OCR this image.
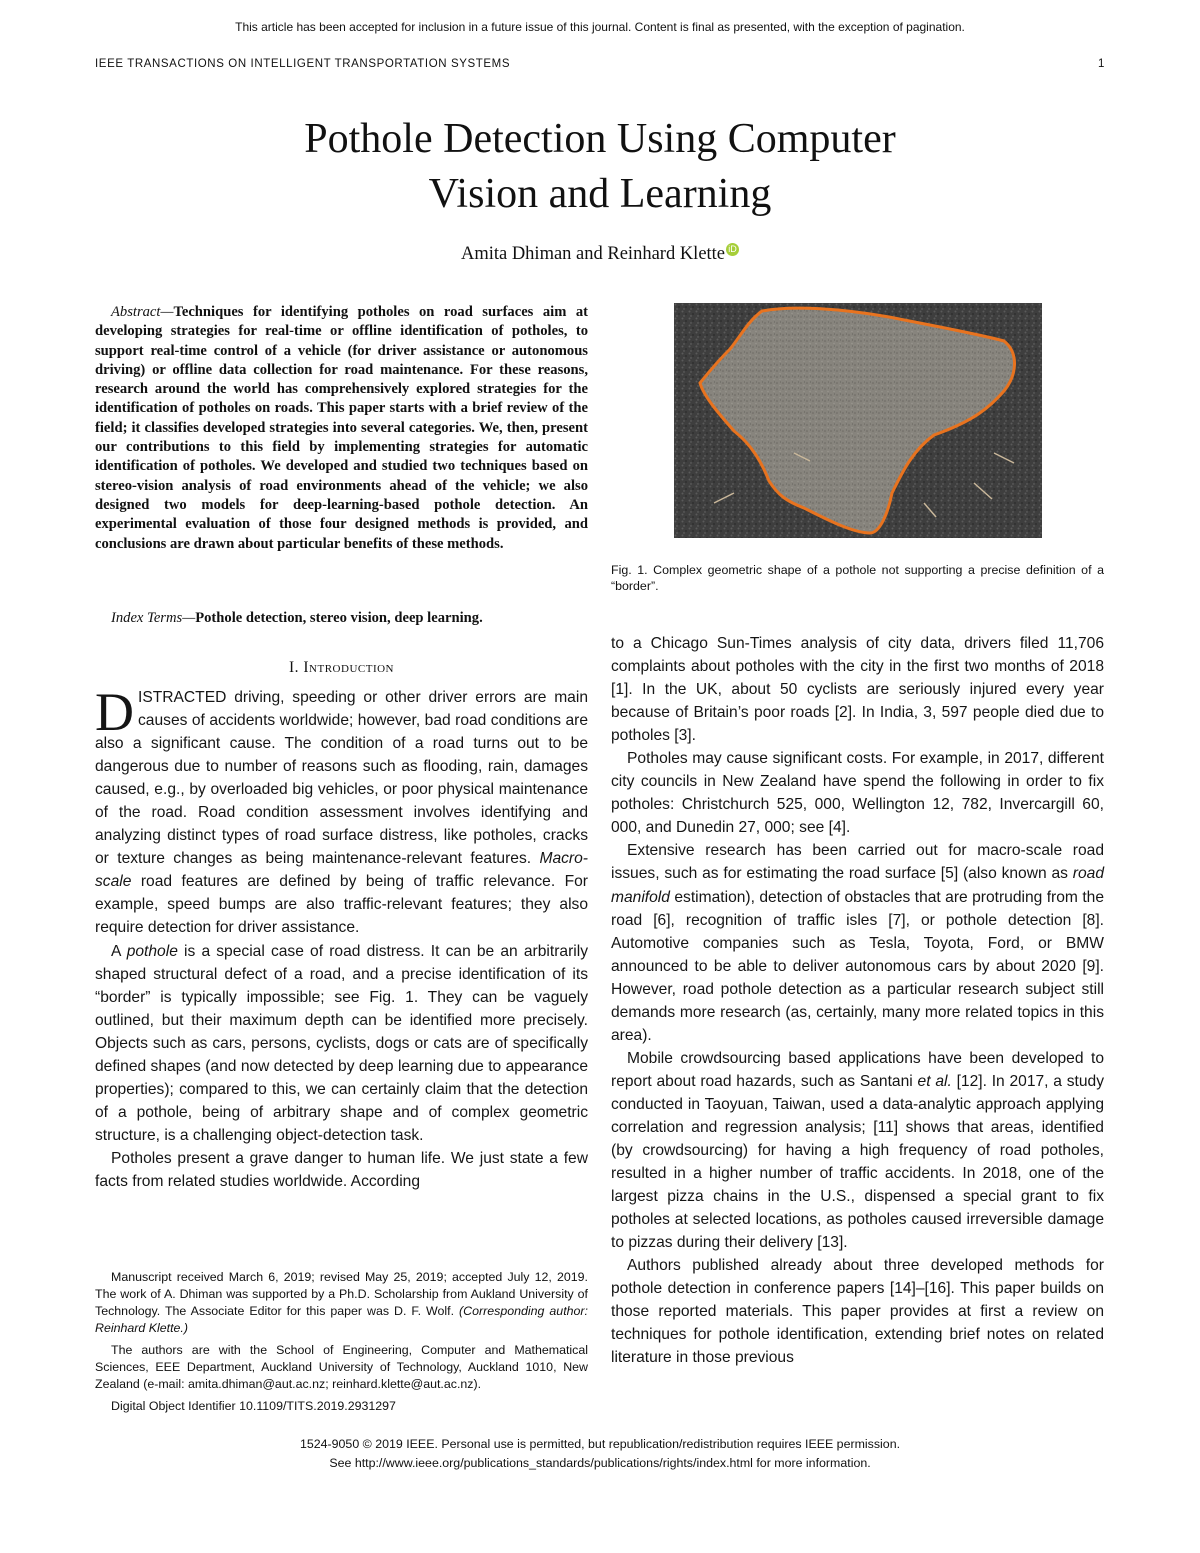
This article has been accepted for inclusion in a future issue of this journal. Content is final as presented, with the exception of pagination.
IEEE TRANSACTIONS ON INTELLIGENT TRANSPORTATION SYSTEMS	1
Pothole Detection Using Computer
Vision and Learning
Amita Dhiman and Reinhard Klette iD

Abstract—Techniques for identifying potholes on road surfaces aim at developing strategies for real-time or offline identification of potholes, to support real-time control of a vehicle (for driver assistance or autonomous driving) or offline data collection for road maintenance. For these reasons, research around the world has comprehensively explored strategies for the identification of potholes on roads. This paper starts with a brief review of the field; it classifies developed strategies into several categories. We, then, present our contributions to this field by implementing strategies for automatic identification of potholes. We developed and studied two techniques based on stereo-vision analysis of road environments ahead of the vehicle; we also designed two models for deep-learning-based pothole detection. An experimental evaluation of those four designed methods is provided, and conclusions are drawn about particular benefits of these methods.

Index Terms—Pothole detection, stereo vision, deep learning.

I. Introduction

DISTRACTED driving, speeding or other driver errors are main causes of accidents worldwide; however, bad road conditions are also a significant cause. The condition of a road turns out to be dangerous due to number of reasons such as flooding, rain, damages caused, e.g., by overloaded big vehicles, or poor physical maintenance of the road. Road condition assessment involves identifying and analyzing distinct types of road surface distress, like potholes, cracks or texture changes as being maintenance-relevant features. Macro-scale road features are defined by being of traffic relevance. For example, speed bumps are also traffic-relevant features; they also require detection for driver assistance.

A pothole is a special case of road distress. It can be an arbitrarily shaped structural defect of a road, and a precise identification of its “border” is typically impossible; see Fig. 1. They can be vaguely outlined, but their maximum depth can be identified more precisely. Objects such as cars, persons, cyclists, dogs or cats are of specifically defined shapes (and now detected by deep learning due to appearance properties); compared to this, we can certainly claim that the detection of a pothole, being of arbitrary shape and of complex geometric structure, is a challenging object-detection task.

Potholes present a grave danger to human life. We just state a few facts from related studies worldwide. According

Fig. 1. Complex geometric shape of a pothole not supporting a precise definition of a “border”.

to a Chicago Sun-Times analysis of city data, drivers filed 11,706 complaints about potholes with the city in the first two months of 2018 [1]. In the UK, about 50 cyclists are seriously injured every year because of Britain’s poor roads [2]. In India, 3, 597 people died due to potholes [3].

Potholes may cause significant costs. For example, in 2017, different city councils in New Zealand have spend the following in order to fix potholes: Christchurch 525, 000, Wellington 12, 782, Invercargill 60, 000, and Dunedin 27, 000; see [4].

Extensive research has been carried out for macro-scale road issues, such as for estimating the road surface [5] (also known as road manifold estimation), detection of obstacles that are protruding from the road [6], recognition of traffic isles [7], or pothole detection [8]. Automotive companies such as Tesla, Toyota, Ford, or BMW announced to be able to deliver autonomous cars by about 2020 [9]. However, road pothole detection as a particular research subject still demands more research (as, certainly, many more related topics in this area).

Mobile crowdsourcing based applications have been developed to report about road hazards, such as Santani et al. [12]. In 2017, a study conducted in Taoyuan, Taiwan, used a data-analytic approach applying correlation and regression analysis; [11] shows that areas, identified (by crowdsourcing) for having a high frequency of road potholes, resulted in a higher number of traffic accidents. In 2018, one of the largest pizza chains in the U.S., dispensed a special grant to fix potholes at selected locations, as potholes caused irreversible damage to pizzas during their delivery [13].

Authors published already about three developed methods for pothole detection in conference papers [14]–[16]. This paper builds on those reported materials. This paper provides at first a review on techniques for pothole identification, extending brief notes on related literature in those previous

Manuscript received March 6, 2019; revised May 25, 2019; accepted July 12, 2019. The work of A. Dhiman was supported by a Ph.D. Scholarship from Aukland University of Technology. The Associate Editor for this paper was D. F. Wolf. (Corresponding author: Reinhard Klette.)

The authors are with the School of Engineering, Computer and Mathematical Sciences, EEE Department, Auckland University of Technology, Auckland 1010, New Zealand (e-mail: amita.dhiman@aut.ac.nz; reinhard.klette@aut.ac.nz).

Digital Object Identifier 10.1109/TITS.2019.2931297

1524-9050 © 2019 IEEE. Personal use is permitted, but republication/redistribution requires IEEE permission.
See http://www.ieee.org/publications_standards/publications/rights/index.html for more information.
